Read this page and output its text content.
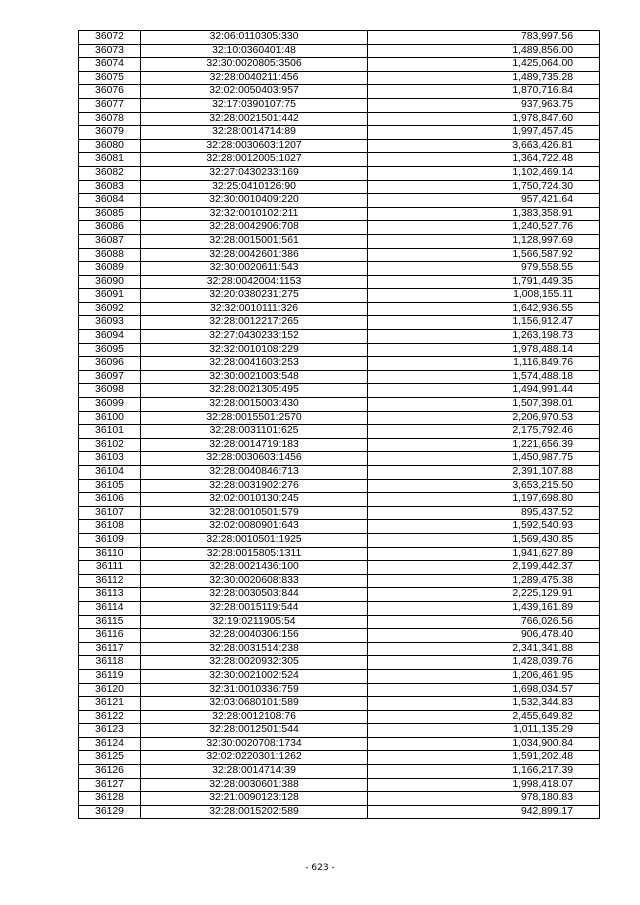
36072	32:06:0110305:330	783,997.56
36073	32:10:0360401:48	1,489,856.00
36074	32:30:0020805:3506	1,425,064.00
36075	32:28:0040211:456	1,489,735.28
36076	32:02:0050403:957	1,870,716.84
36077	32:17:0390107:75	937,963.75
36078	32:28:0021501:442	1,978,847.60
36079	32:28:0014714:89	1,997,457.45
36080	32:28:0030603:1207	3,663,426.81
36081	32:28:0012005:1027	1,364,722.48
36082	32:27:0430233:169	1,102,469.14
36083	32:25:0410126:90	1,750,724.30
36084	32:30:0010409:220	957,421.64
36085	32:32:0010102:211	1,383,358.91
36086	32:28:0042906:708	1,240,527.76
36087	32:28:0015001:561	1,128,997.69
36088	32:28:0042601:386	1,566,587.92
36089	32:30:0020611:543	979,558.55
36090	32:28:0042004:1153	1,791,449.35
36091	32:20:0380231:275	1,008,155.11
36092	32:32:0010111:326	1,642,936.55
36093	32:28:0012217:265	1,156,912.47
36094	32:27:0430233:152	1,263,198.73
36095	32:32:0010108:229	1,978,488.14
36096	32:28:0041603:253	1,116,849.76
36097	32:30:0021003:548	1,574,488.18
36098	32:28:0021305:495	1,494,991.44
36099	32:28:0015003:430	1,507,398.01
36100	32:28:0015501:2570	2,206,970.53
36101	32:28:0031101:625	2,175,792.46
36102	32:28:0014719:183	1,221,656.39
36103	32:28:0030603:1456	1,450,987.75
36104	32:28:0040846:713	2,391,107.88
36105	32:28:0031902:276	3,653,215.50
36106	32:02:0010130:245	1,197,698.80
36107	32:28:0010501:579	895,437.52
36108	32:02:0080901:643	1,592,540.93
36109	32:28:0010501:1925	1,569,430.85
36110	32:28:0015805:1311	1,941,627.89
36111	32:28:0021436:100	2,199,442.37
36112	32:30:0020608:833	1,289,475.38
36113	32:28:0030503:844	2,225,129.91
36114	32:28:0015119:544	1,439,161.89
36115	32:19:0211905:54	766,026.56
36116	32:28:0040306:156	906,478.40
36117	32:28:0031514:238	2,341,341.88
36118	32:28:0020932:305	1,428,039.76
36119	32:30:0021002:524	1,206,461.95
36120	32:31:0010336:759	1,698,034.57
36121	32:03:0680101:589	1,532,344.83
36122	32:28:0012108:76	2,455,649.82
36123	32:28:0012501:544	1,011,135.29
36124	32:30:0020708:1734	1,034,900.84
36125	32:02:0220301:1262	1,591,202.48
36126	32:28:0014714:39	1,166,217.39
36127	32:28:0030601:388	1,998,418.07
36128	32:21:0090123:128	978,180.83
36129	32:28:0015202:589	942,899.17
- 623 -
